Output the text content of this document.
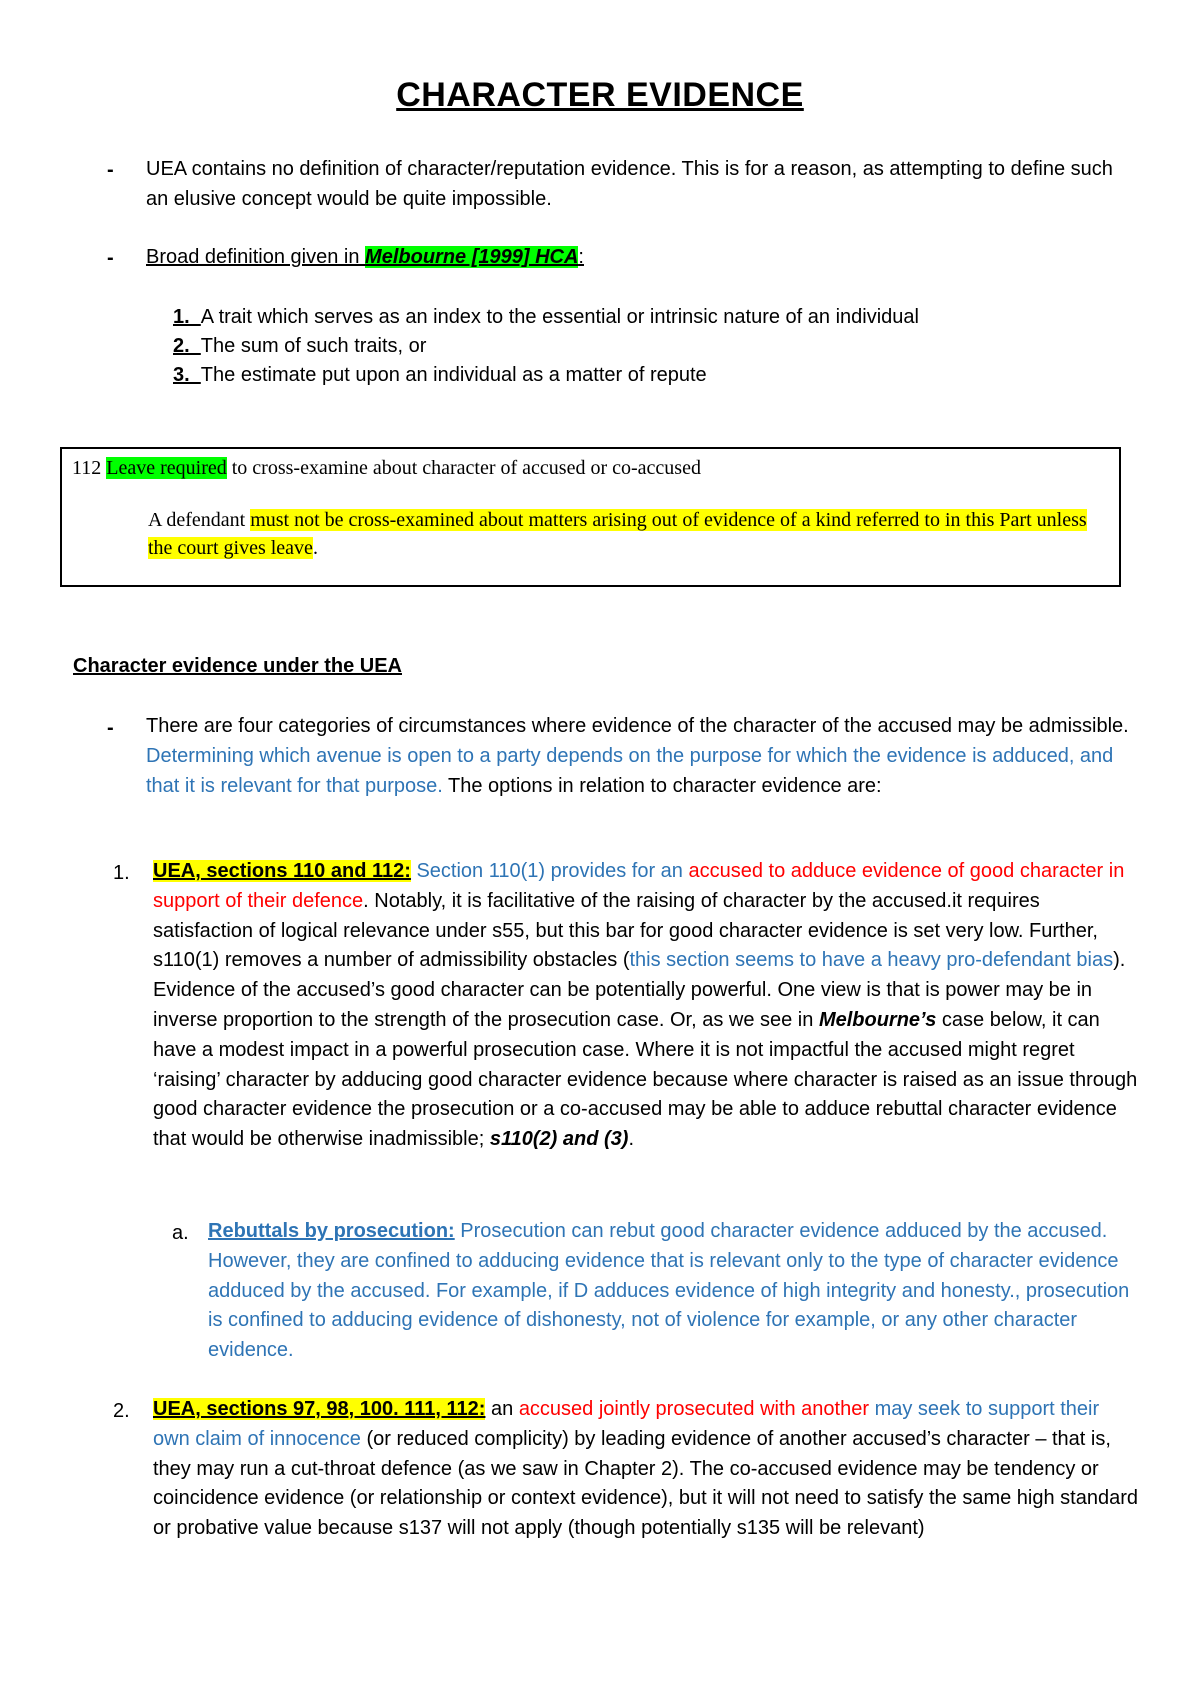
CHARACTER EVIDENCE
- UEA contains no definition of character/reputation evidence. This is for a reason, as attempting to define such an elusive concept would be quite impossible.
- Broad definition given in Melbourne [1999] HCA:
1.  A trait which serves as an index to the essential or intrinsic nature of an individual
2.  The sum of such traits, or
3.  The estimate put upon an individual as a matter of repute
112 Leave required to cross-examine about character of accused or co-accused
A defendant must not be cross-examined about matters arising out of evidence of a kind referred to in this Part unless the court gives leave.
Character evidence under the UEA
- There are four categories of circumstances where evidence of the character of the accused may be admissible. Determining which avenue is open to a party depends on the purpose for which the evidence is adduced, and that it is relevant for that purpose. The options in relation to character evidence are:
1. UEA, sections 110 and 112: Section 110(1) provides for an accused to adduce evidence of good character in support of their defence. Notably, it is facilitative of the raising of character by the accused.it requires satisfaction of logical relevance under s55, but this bar for good character evidence is set very low. Further, s110(1) removes a number of admissibility obstacles (this section seems to have a heavy pro-defendant bias). Evidence of the accused’s good character can be potentially powerful. One view is that is power may be in inverse proportion to the strength of the prosecution case. Or, as we see in Melbourne’s case below, it can have a modest impact in a powerful prosecution case. Where it is not impactful the accused might regret ‘raising’ character by adducing good character evidence because where character is raised as an issue through good character evidence the prosecution or a co-accused may be able to adduce rebuttal character evidence that would be otherwise inadmissible; s110(2) and (3).
a. Rebuttals by prosecution: Prosecution can rebut good character evidence adduced by the accused. However, they are confined to adducing evidence that is relevant only to the type of character evidence adduced by the accused. For example, if D adduces evidence of high integrity and honesty., prosecution is confined to adducing evidence of dishonesty, not of violence for example, or any other character evidence.
2. UEA, sections 97, 98, 100. 111, 112: an accused jointly prosecuted with another may seek to support their own claim of innocence (or reduced complicity) by leading evidence of another accused’s character – that is, they may run a cut-throat defence (as we saw in Chapter 2). The co-accused evidence may be tendency or coincidence evidence (or relationship or context evidence), but it will not need to satisfy the same high standard or probative value because s137 will not apply (though potentially s135 will be relevant)
